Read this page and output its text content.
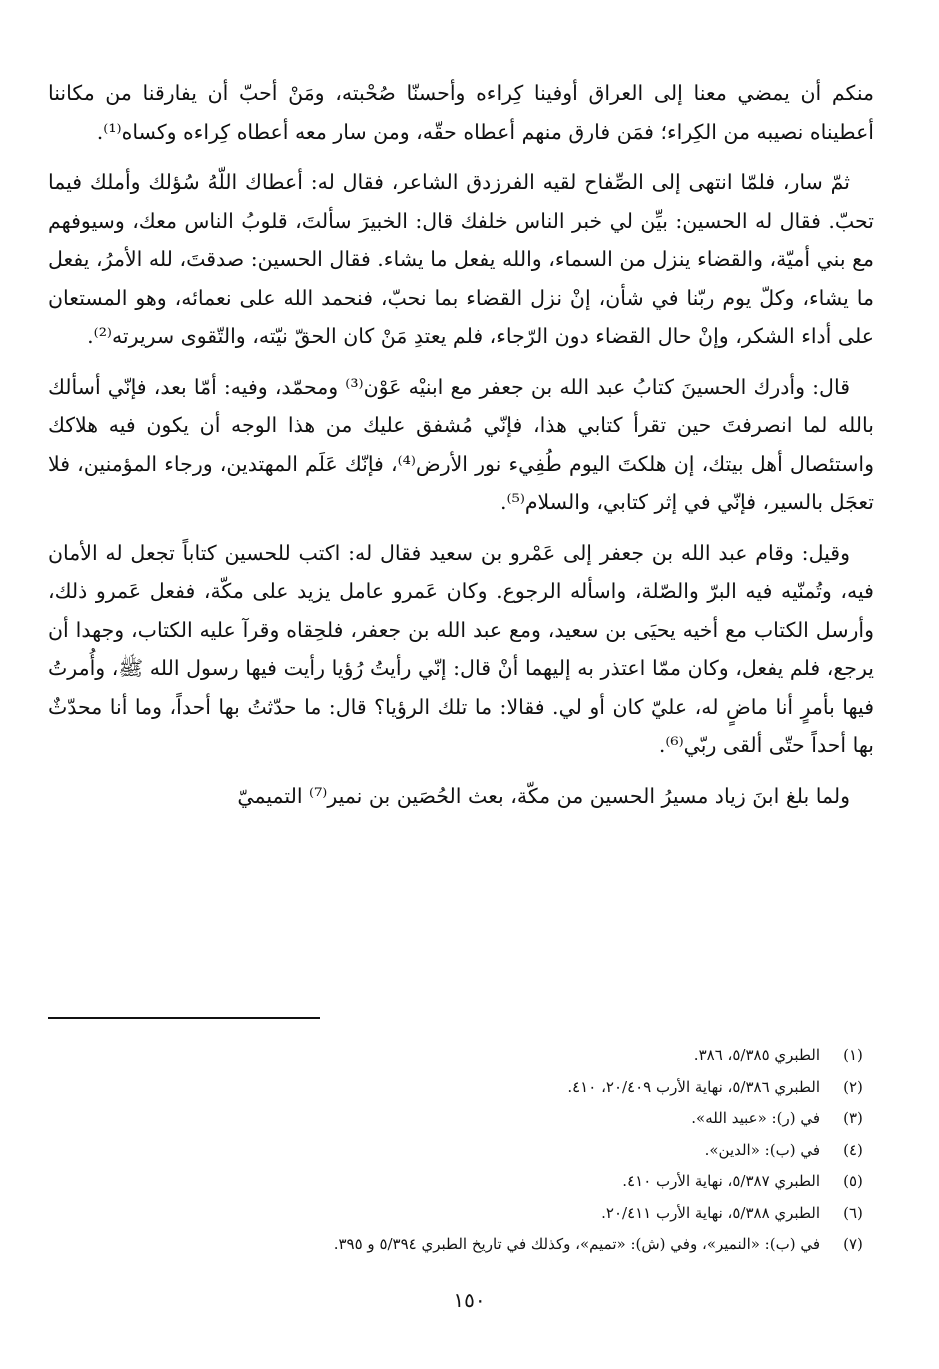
منكم أن يمضي معنا إلى العراق أوفينا كِراءه وأحسنّا صُحْبته، ومَنْ أحبّ أن يفارقنا من مكاننا أعطيناه نصيبه من الكِراء؛ فمَن فارق منهم أعطاه حقّه، ومن سار معه أعطاه كِراءه وكساه⁽¹⁾.

ثمّ سار، فلمّا انتهى إلى الصِّفاح لقيه الفرزدق الشاعر، فقال له: أعطاك اللّهُ سُؤلك وأملك فيما تحبّ. فقال له الحسين: بيِّن لي خبر الناس خلفك قال: الخبيرَ سألتَ، قلوبُ الناس معك، وسيوفهم مع بني أميّة، والقضاء ينزل من السماء، والله يفعل ما يشاء. فقال الحسين: صدقتَ، لله الأمرُ، يفعل ما يشاء، وكلّ يوم ربّنا في شأن، إنْ نزل القضاء بما نحبّ، فنحمد الله على نعمائه، وهو المستعان على أداء الشكر، وإنْ حال القضاء دون الرّجاء، فلم يعتدِ مَنْ كان الحقّ نيّته، والتّقوى سريرته⁽²⁾.

قال: وأدرك الحسينَ كتابُ عبد الله بن جعفر مع ابنيْه عَوْن⁽³⁾ ومحمّد، وفيه: أمّا بعد، فإنّي أسألك بالله لما انصرفتَ حين تقرأ كتابي هذا، فإنّي مُشفق عليك من هذا الوجه أن يكون فيه هلاكك واستئصال أهل بيتك، إن هلكتَ اليوم طُفِيء نور الأرض⁽⁴⁾، فإنّك عَلَم المهتدين، ورجاء المؤمنين، فلا تعجَل بالسير، فإنّي في إثر كتابي، والسلام⁽⁵⁾.

وقيل: وقام عبد الله بن جعفر إلى عَمْرو بن سعيد فقال له: اكتب للحسين كتاباً تجعل له الأمان فيه، وتُمنّيه فيه البرّ والصّلة، واسأله الرجوع. وكان عَمرو عامل يزيد على مكّة، ففعل عَمرو ذلك، وأرسل الكتاب مع أخيه يحيَى بن سعيد، ومع عبد الله بن جعفر، فلحِقاه وقرآ عليه الكتاب، وجهدا أن يرجع، فلم يفعل، وكان ممّا اعتذر به إليهما أنْ قال: إنّي رأيتُ رُؤيا رأيت فيها رسول الله ﷺ، وأُمرتُ فيها بأمرٍ أنا ماضٍ له، عليّ كان أو لي. فقالا: ما تلك الرؤيا؟ قال: ما حدّثتُ بها أحداً، وما أنا محدّثٌ بها أحداً حتّى ألقى ربّي⁽⁶⁾.

ولما بلغ ابنَ زياد مسيرُ الحسين من مكّة، بعث الحُصَين بن نمير⁽⁷⁾ التميميّ

(١)
الطبري ٥/٣٨٥، ٣٨٦.
(٢)
الطبري ٥/٣٨٦، نهاية الأرب ٢٠/٤٠٩، ٤١٠.
(٣)
في (ر): «عبيد الله».
(٤)
في (ب): «الدين».
(٥)
الطبري ٥/٣٨٧، نهاية الأرب ٤١٠.
(٦)
الطبري ٥/٣٨٨، نهاية الأرب ٢٠/٤١١.
(٧)
في (ب): «النمير»، وفي (ش): «تميم»، وكذلك في تاريخ الطبري ٥/٣٩٤ و ٣٩٥.
١٥٠
